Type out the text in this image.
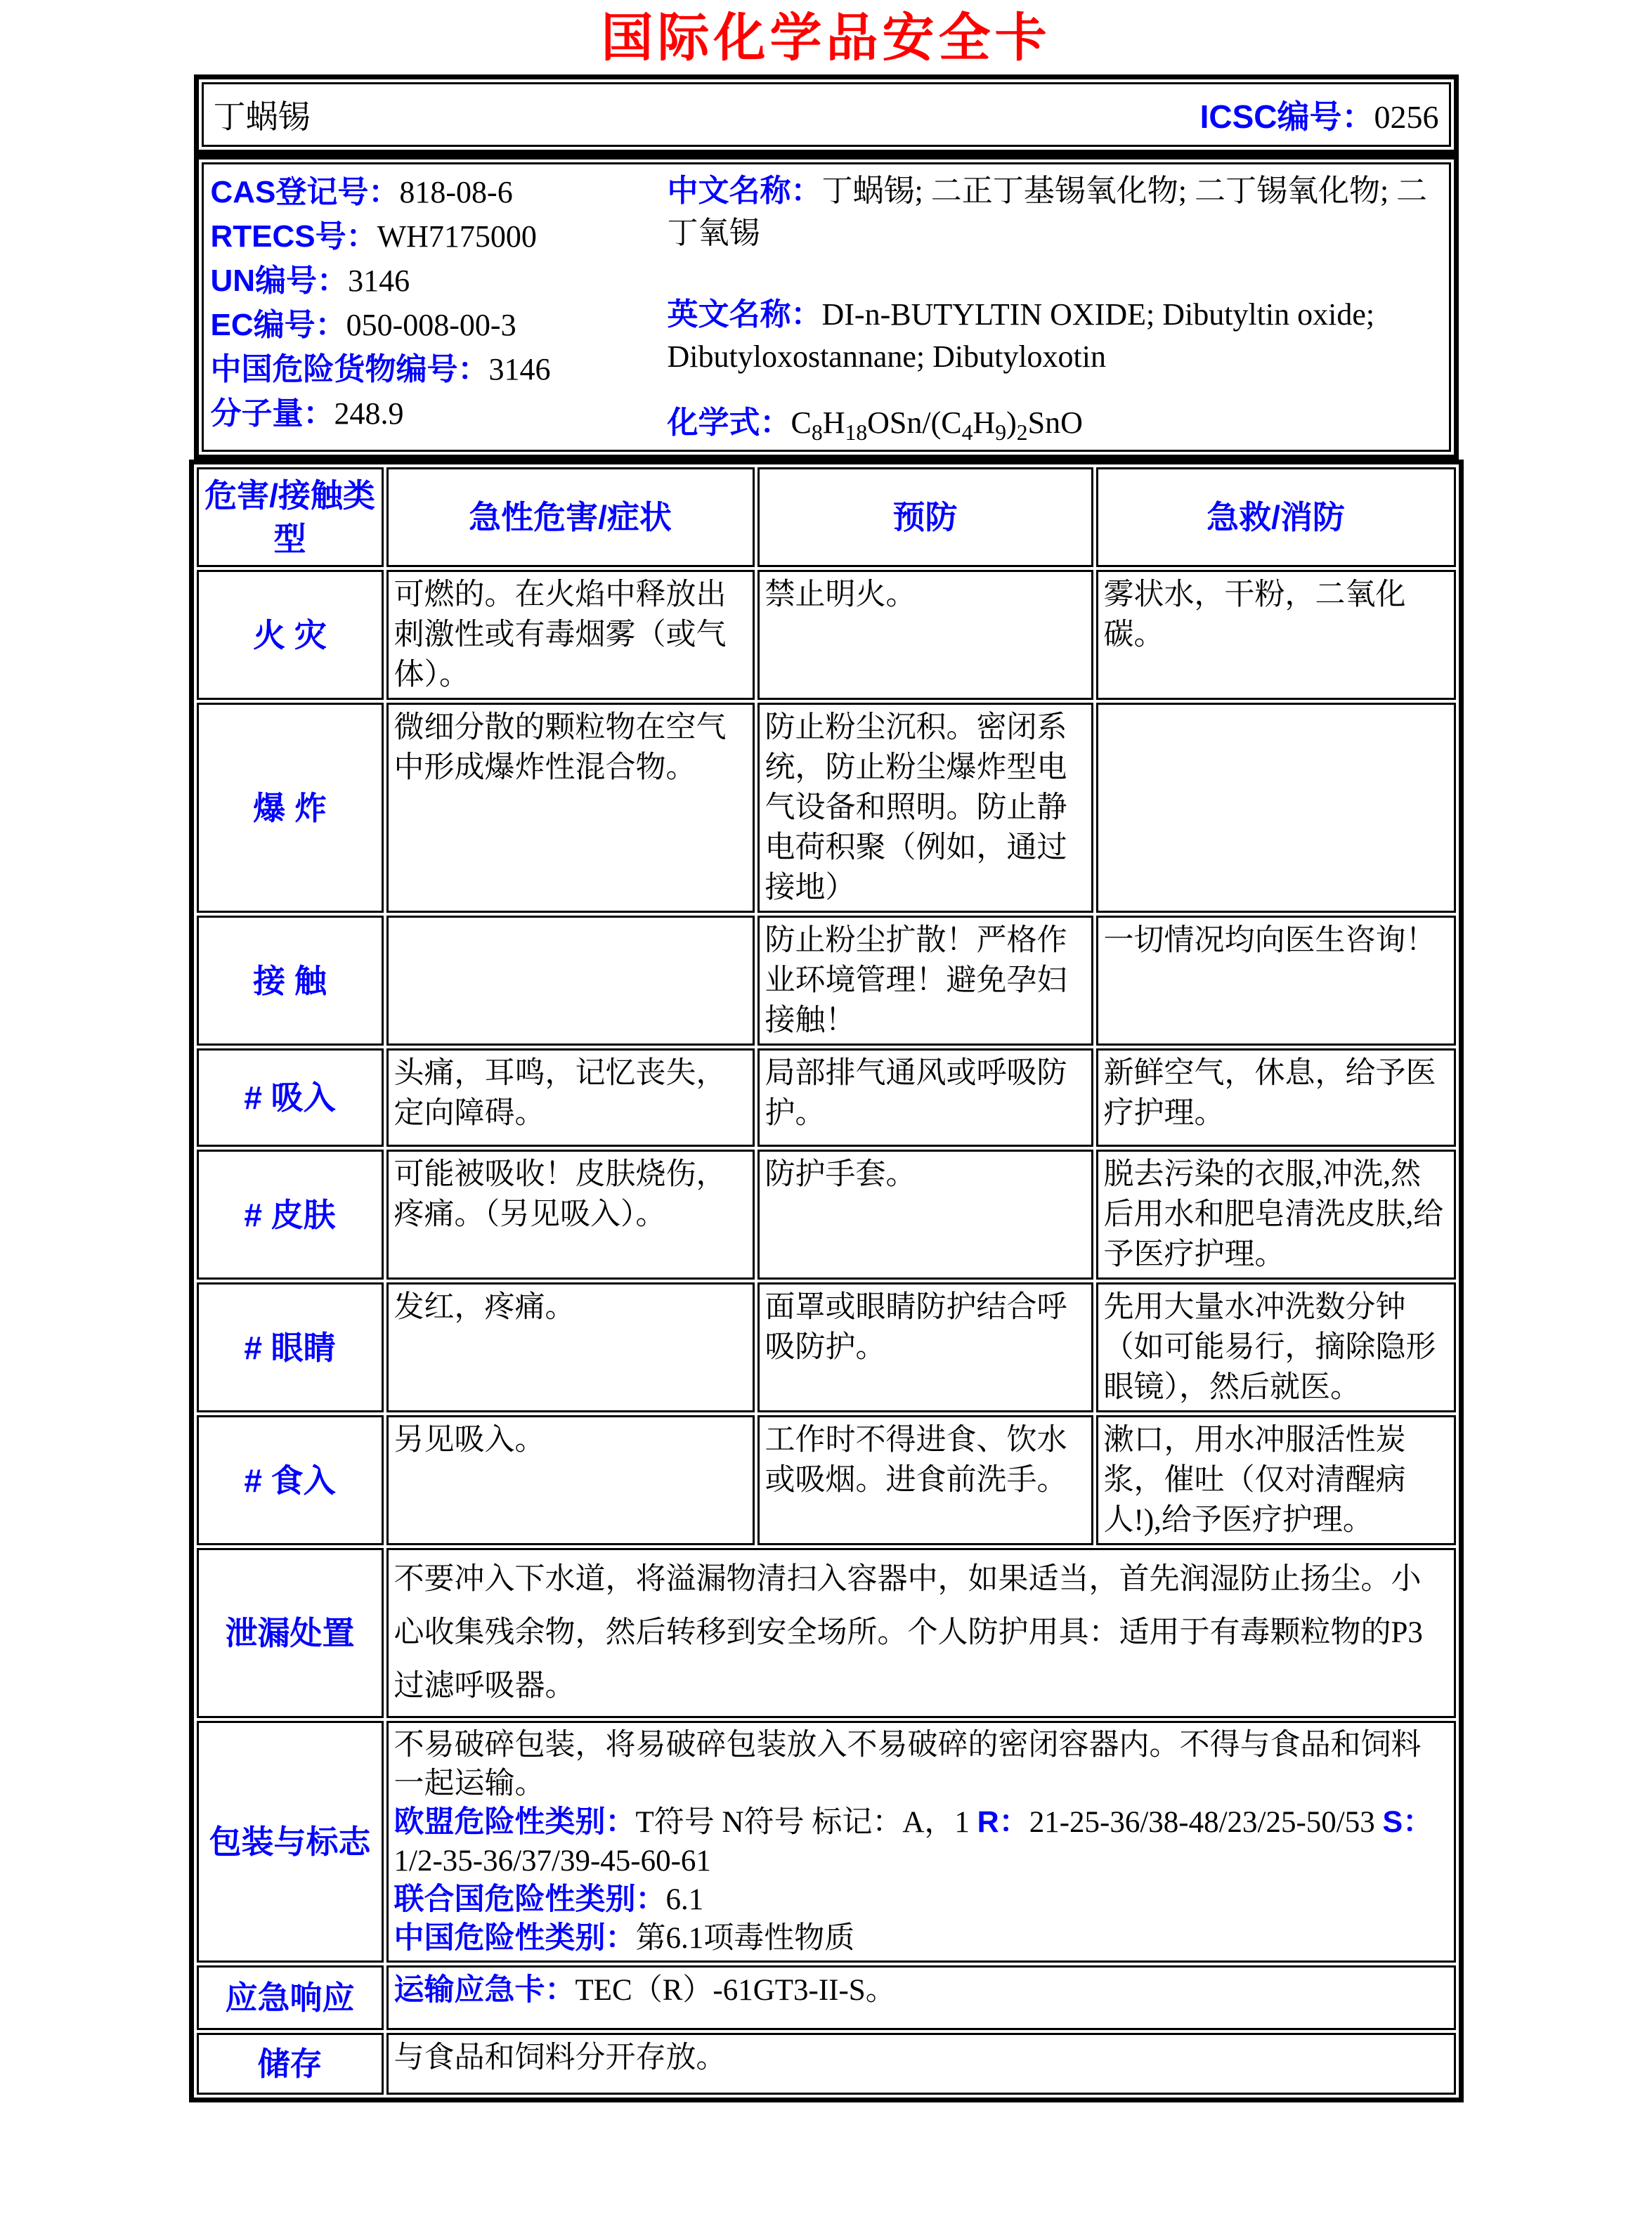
国际化学品安全卡
丁蜗锡	ICSC编号：0256
CAS登记号：818-08-6
RTECS号：WH7175000
UN编号：3146
EC编号：050-008-00-3
中国危险货物编号：3146
分子量：248.9
中文名称：丁蜗锡; 二正丁基锡氧化物; 二丁锡氧化物; 二丁氧锡
英文名称：DI-n-BUTYLTIN OXIDE; Dibutyltin oxide; Dibutyloxostannane; Dibutyloxotin
化学式：$C_8H_{18}OSn/(C_4H_9)_2SnO$
危害/接触类型	急性危害/症状	预防	急救/消防
火 灾	可燃的。在火焰中释放出刺激性或有毒烟雾（或气体）。	禁止明火。	雾状水，干粉，二氧化碳。
爆 炸	微细分散的颗粒物在空气中形成爆炸性混合物。	防止粉尘沉积。密闭系统，防止粉尘爆炸型电气设备和照明。防止静电荷积聚（例如，通过接地）	
接 触		防止粉尘扩散！严格作业环境管理！避免孕妇接触！	一切情况均向医生咨询！
# 吸入	头痛，耳鸣，记忆丧失，定向障碍。	局部排气通风或呼吸防护。	新鲜空气，休息，给予医疗护理。
# 皮肤	可能被吸收！皮肤烧伤，疼痛。（另见吸入）。	防护手套。	脱去污染的衣服,冲洗,然后用水和肥皂清洗皮肤,给予医疗护理。
# 眼睛	发红，疼痛。	面罩或眼睛防护结合呼吸防护。	先用大量水冲洗数分钟（如可能易行，摘除隐形眼镜），然后就医。
# 食入	另见吸入。	工作时不得进食、饮水或吸烟。进食前洗手。	漱口，用水冲服活性炭浆，催吐（仅对清醒病人!),给予医疗护理。
泄漏处置	不要冲入下水道，将溢漏物清扫入容器中，如果适当，首先润湿防止扬尘。小心收集残余物，然后转移到安全场所。个人防护用具：适用于有毒颗粒物的P3过滤呼吸器。		
包装与标志	不易破碎包装，将易破碎包装放入不易破碎的密闭容器内。不得与食品和饲料一起运输。
欧盟危险性类别：T符号 N符号 标记：A，1 R：21-25-36/38-48/23/25-50/53 S：1/2-35-36/37/39-45-60-61
联合国危险性类别：6.1
中国危险性类别：第6.1项毒性物质		
应急响应	运输应急卡：TEC（R）-61GT3-II-S。		
储存	与食品和饲料分开存放。		
